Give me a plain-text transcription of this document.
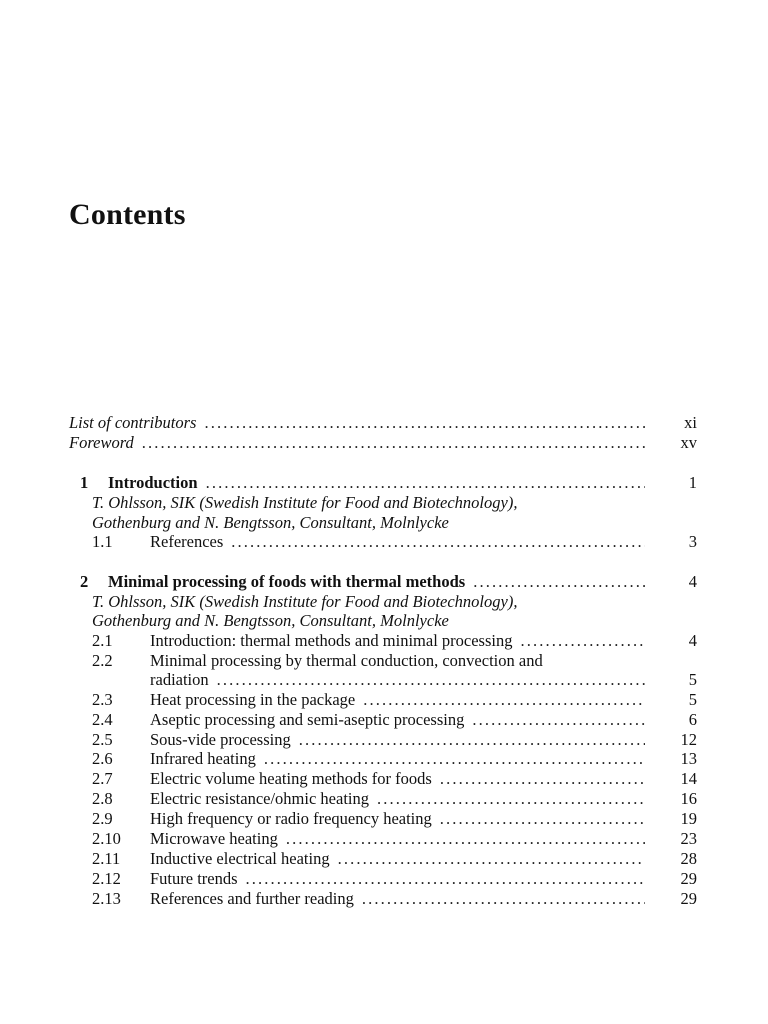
Contents
List of contributors . . .	xi
Foreword . . .	xv
1 Introduction . . .	1
T. Ohlsson, SIK (Swedish Institute for Food and Biotechnology),
Gothenburg and N. Bengtsson, Consultant, Molnlycke
1.1 References . . .	3
2 Minimal processing of foods with thermal methods . . .	4
T. Ohlsson, SIK (Swedish Institute for Food and Biotechnology),
Gothenburg and N. Bengtsson, Consultant, Molnlycke
2.1 Introduction: thermal methods and minimal processing . . .	4
2.2 Minimal processing by thermal conduction, convection and
radiation . . .	5
2.3 Heat processing in the package . . .	5
2.4 Aseptic processing and semi-aseptic processing . . .	6
2.5 Sous-vide processing . . .	12
2.6 Infrared heating . . .	13
2.7 Electric volume heating methods for foods . . .	14
2.8 Electric resistance/ohmic heating . . .	16
2.9 High frequency or radio frequency heating . . .	19
2.10 Microwave heating . . .	23
2.11 Inductive electrical heating . . .	28
2.12 Future trends . . .	29
2.13 References and further reading . . .	29
